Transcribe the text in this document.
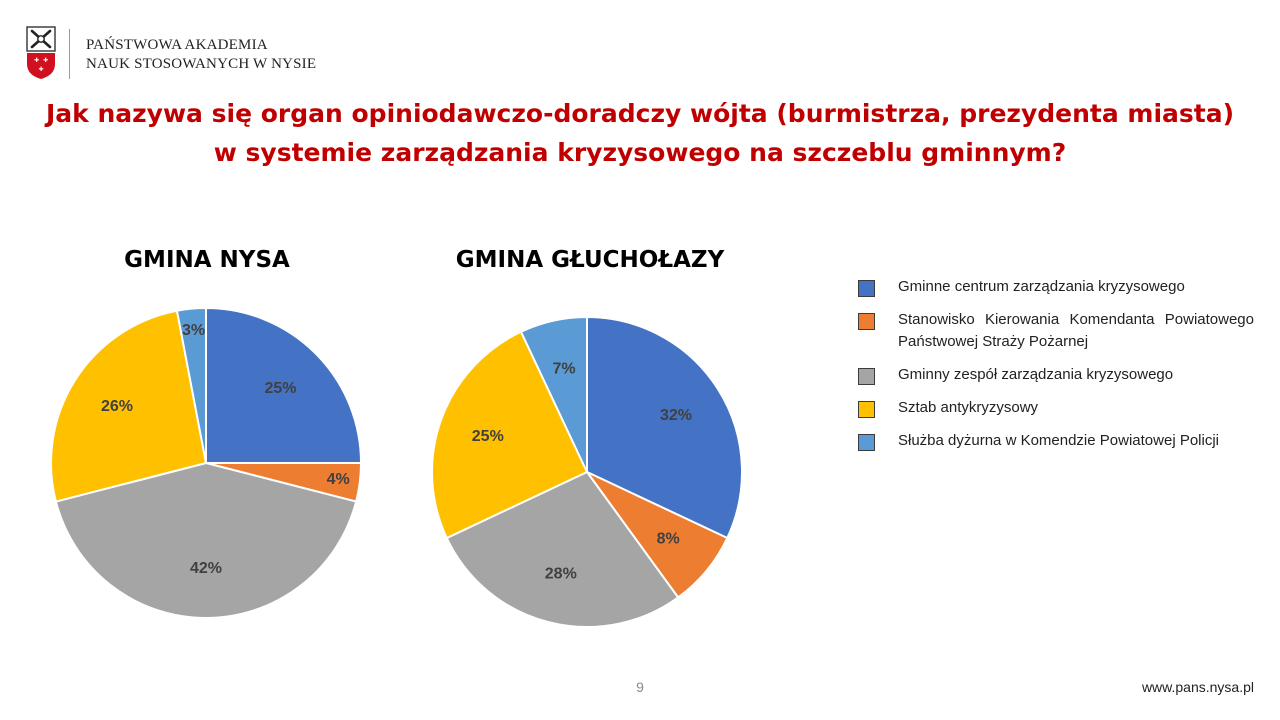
✚ ✚
✚
PAŃSTWOWA AKADEMIA
NAUK STOSOWANYCH W NYSIE
Jak nazywa się organ opiniodawczo-doradczy wójta (burmistrza, prezydenta miasta) w systemie zarządzania kryzysowego na szczeblu gminnym?
GMINA NYSA	GMINA GŁUCHOŁAZY
25%
4%
42%
26%
3%
32%
8%
28%
25%
7%
Gminne centrum zarządzania kryzysowego
Stanowisko Kierowania Komendanta Powiatowego Państwowej Straży Pożarnej
Gminny zespół zarządzania kryzysowego
Sztab antykryzysowy
Służba dyżurna w Komendzie Powiatowej Policji
9	www.pans.nysa.pl
